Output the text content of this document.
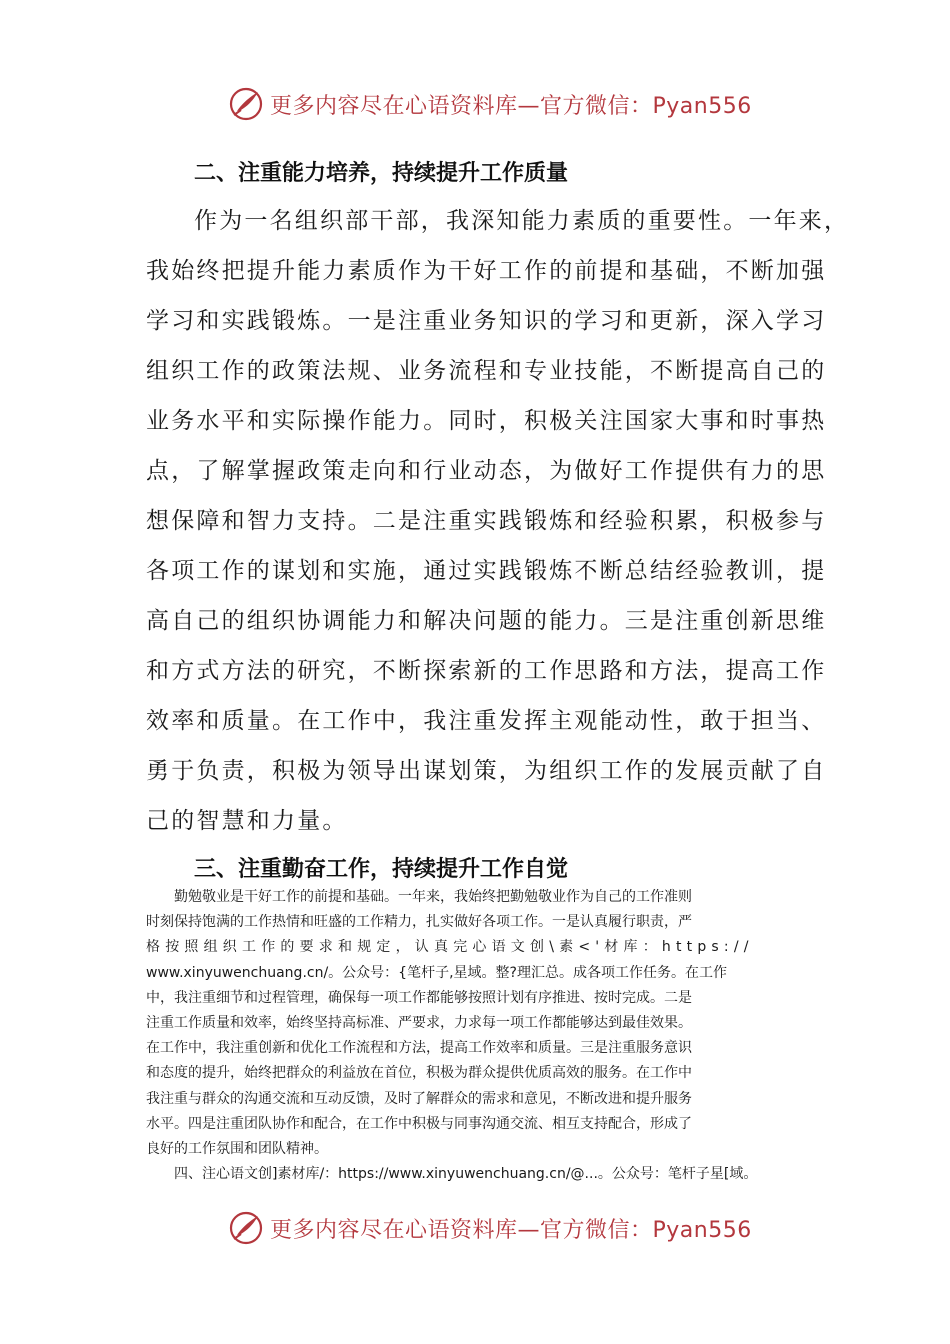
更多内容尽在心语资料库—官方微信：Pyan556
二、注重能力培养，持续提升工作质量
作为一名组织部干部，我深知能力素质的重要性。一年来，
我始终把提升能力素质作为干好工作的前提和基础，不断加强
学习和实践锻炼。一是注重业务知识的学习和更新，深入学习
组织工作的政策法规、业务流程和专业技能，不断提高自己的
业务水平和实际操作能力。同时，积极关注国家大事和时事热
点，了解掌握政策走向和行业动态，为做好工作提供有力的思
想保障和智力支持。二是注重实践锻炼和经验积累，积极参与
各项工作的谋划和实施，通过实践锻炼不断总结经验教训，提
高自己的组织协调能力和解决问题的能力。三是注重创新思维
和方式方法的研究，不断探索新的工作思路和方法，提高工作
效率和质量。在工作中，我注重发挥主观能动性，敢于担当、
勇于负责，积极为领导出谋划策，为组织工作的发展贡献了自
己的智慧和力量。
三、注重勤奋工作，持续提升工作自觉
勤勉敬业是干好工作的前提和基础。一年来，我始终把勤勉敬业作为自己的工作准则
时刻保持饱满的工作热情和旺盛的工作精力，扎实做好各项工作。一是认真履行职责，严
格按照组织工作的要求和规定，认真完心语文创\素<'材库：https://
www.xinyuwenchuang.cn/。公众号：{笔杆子,星域。整?理汇总。成各项工作任务。在工作
中，我注重细节和过程管理，确保每一项工作都能够按照计划有序推进、按时完成。二是
注重工作质量和效率，始终坚持高标准、严要求，力求每一项工作都能够达到最佳效果。
在工作中，我注重创新和优化工作流程和方法，提高工作效率和质量。三是注重服务意识
和态度的提升，始终把群众的利益放在首位，积极为群众提供优质高效的服务。在工作中
我注重与群众的沟通交流和互动反馈，及时了解群众的需求和意见，不断改进和提升服务
水平。四是注重团队协作和配合，在工作中积极与同事沟通交流、相互支持配合，形成了
良好的工作氛围和团队精神。
四、注心语文创]素材库/：https://www.xinyuwenchuang.cn/@...。公众号：笔杆子星[域。
更多内容尽在心语资料库—官方微信：Pyan556
